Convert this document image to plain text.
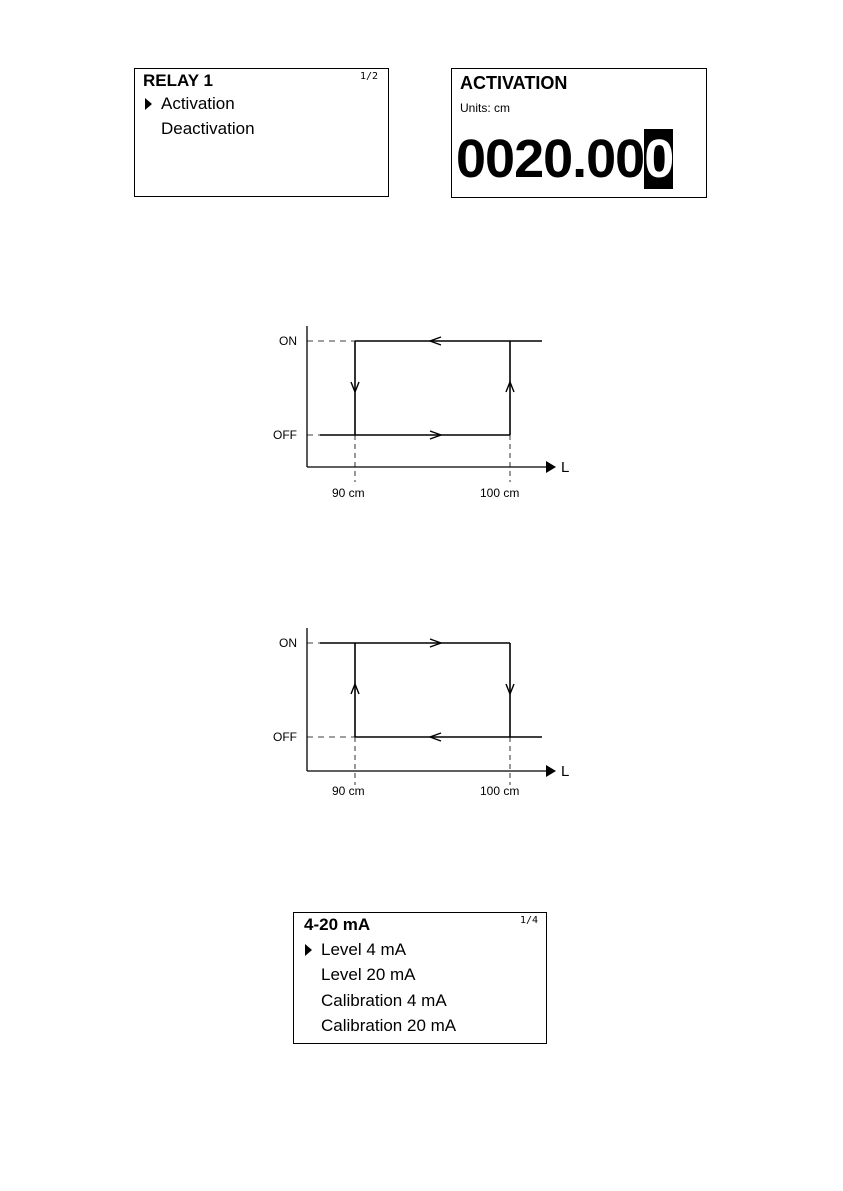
RELAY 1	1/2
Activation
Deactivation
ACTIVATION
Units: cm
0020.000
ON
OFF
L
90 cm	100 cm
ON
OFF
L
90 cm	100 cm
4-20 mA	1/4
Level 4 mA
Level 20 mA
Calibration 4 mA
Calibration 20 mA
